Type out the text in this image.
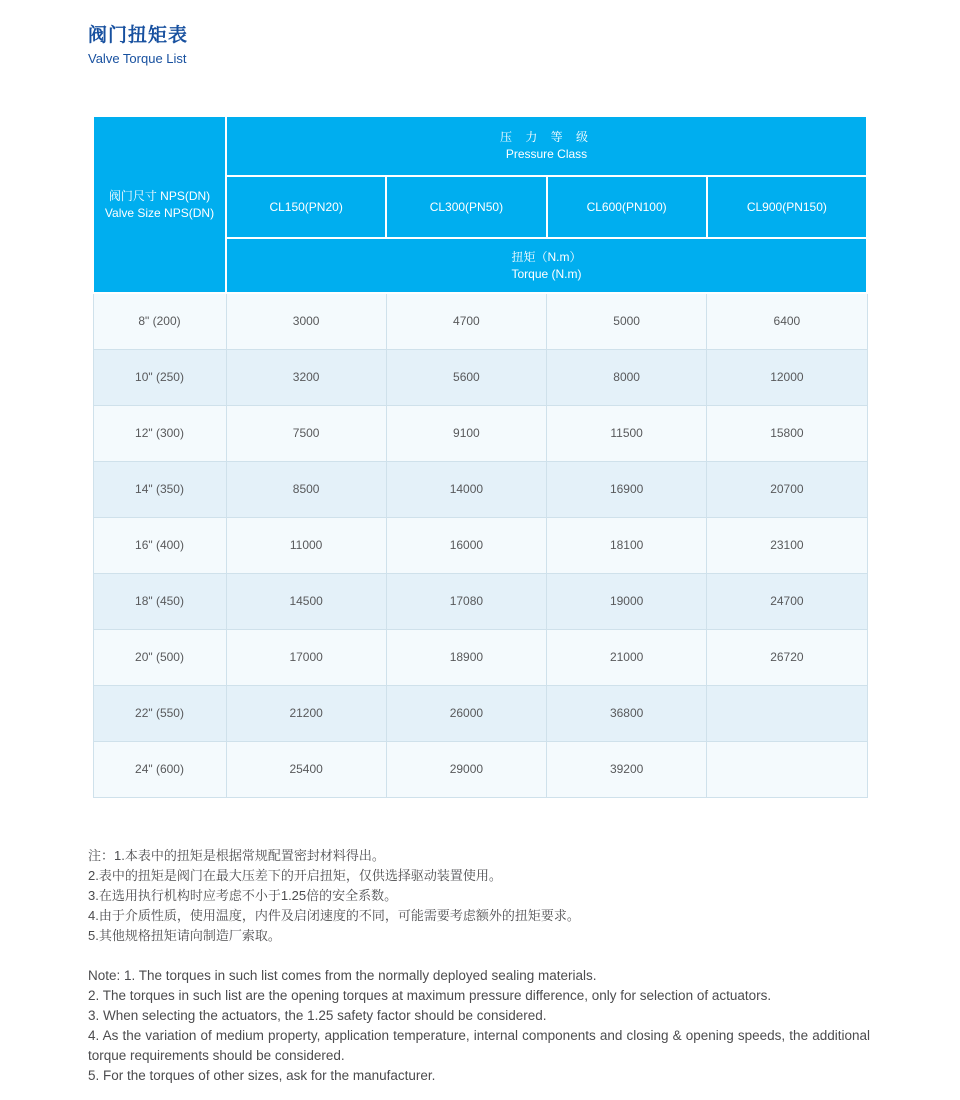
阀门扭矩表
Valve Torque List
阀门尺寸 NPS(DN)
Valve Size NPS(DN)

压 力 等 级
Pressure Class

	CL150(PN20)	CL300(PN50)	CL600(PN100)	CL900(PN150)

	扭矩（N.m）
Torque (N.m)			

8" (200)	3000	4700	5000	6400
10" (250)	3200	5600	8000	12000
12" (300)	7500	9100	11500	15800
14" (350)	8500	14000	16900	20700
16" (400)	11000	16000	18100	23100
18" (450)	14500	17080	19000	24700
20" (500)	17000	18900	21000	26720
22" (550)	21200	26000	36800	
24" (600)	25400	29000	39200	

注：1.本表中的扭矩是根据常规配置密封材料得出。

2.表中的扭矩是阀门在最大压差下的开启扭矩，仅供选择驱动装置使用。

3.在选用执行机构时应考虑不小于1.25倍的安全系数。

4.由于介质性质，使用温度，内件及启闭速度的不同，可能需要考虑额外的扭矩要求。

5.其他规格扭矩请向制造厂索取。

Note: 1. The torques in such list comes from the normally deployed sealing materials.

2. The torques in such list are the opening torques at maximum pressure difference, only for selection of actuators.

3. When selecting the actuators, the 1.25 safety factor should be considered.

4. As the variation of medium property, application temperature, internal components and closing & opening speeds, the additional torque requirements should be considered.

5. For the torques of other sizes, ask for the manufacturer.
